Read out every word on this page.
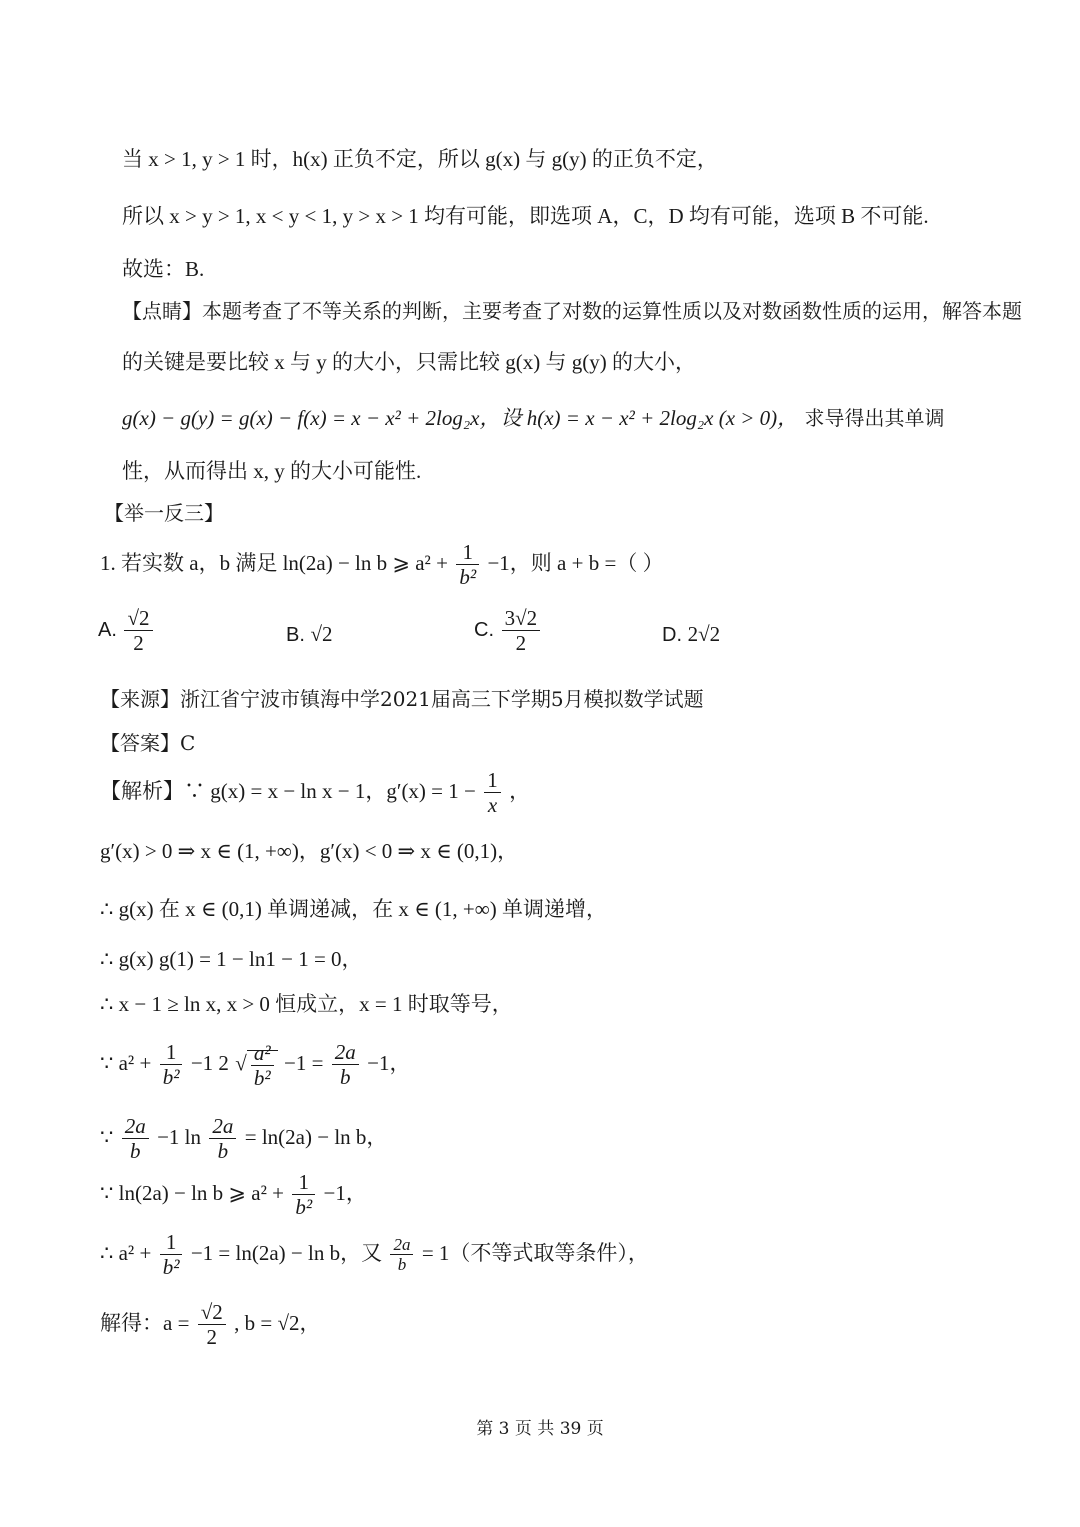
当 x > 1, y > 1 时，h(x) 正负不定，所以 g(x) 与 g(y) 的正负不定，
所以 x > y > 1, x < y < 1, y > x > 1 均有可能，即选项 A，C，D 均有可能，选项 B 不可能.
故选：B.
【点睛】本题考查了不等关系的判断，主要考查了对数的运算性质以及对数函数性质的运用，解答本题
的关键是要比较 x 与 y 的大小，只需比较 g(x) 与 g(y) 的大小，
g(x) − g(y) = g(x) − f(x) = x − x² + 2log₂x，设 h(x) = x − x² + 2log₂x (x > 0)， 求导得出其单调
性，从而得出 x, y 的大小可能性.
【举一反三】
1. 若实数 a，b 满足 ln(2a) − ln b ⩾ $a^2 + \frac{1}{\text{b²}} -1$，则 a + b =（ ）
A. $\frac{√2}{2}$	B. √2	C. $\frac{3√2}{2}$	D. 2√2
【来源】浙江省宁波市镇海中学2021届高三下学期5月模拟数学试题
【答案】C
【解析】∵ g(x) = x − ln x − 1，$g'(x) = 1 - \frac{1}{x}$ ，
g′(x) > 0 ⇒ x ∈ (1, +∞)，g′(x) < 0 ⇒ x ∈ (0,1)，
∴ g(x) 在 x ∈ (0,1) 单调递减，在 x ∈ (1, +∞) 单调递增，
∴ g(x) g(1) = 1 − ln1 − 1 = 0，
∴ x − 1 ≥ ln x, x > 0 恒成立，x = 1 时取等号，
∵ $a^2 + \frac{1}{\text{b²}} -1$ 2 √ $\frac{\text{a²}}{\text{b²}} -1 = \frac{2a}{b} -1$，
∵ $\frac{2a}{b} -1$ $\ln \frac{2a}{b} = \ln(2a) - \ln b$，
∵ ln(2a) − ln b ⩾ $a^2 + \frac{1}{\text{b²}} -1$，
∴ $a^2 + \frac{1}{\text{b²}} -1 = \ln(2a) - \ln b$，又 $\frac{2a}{b} = 1$（不等式取等条件），
解得：$a = \frac{√2}{2}$ , b = √2，
第 3 页 共 39 页
